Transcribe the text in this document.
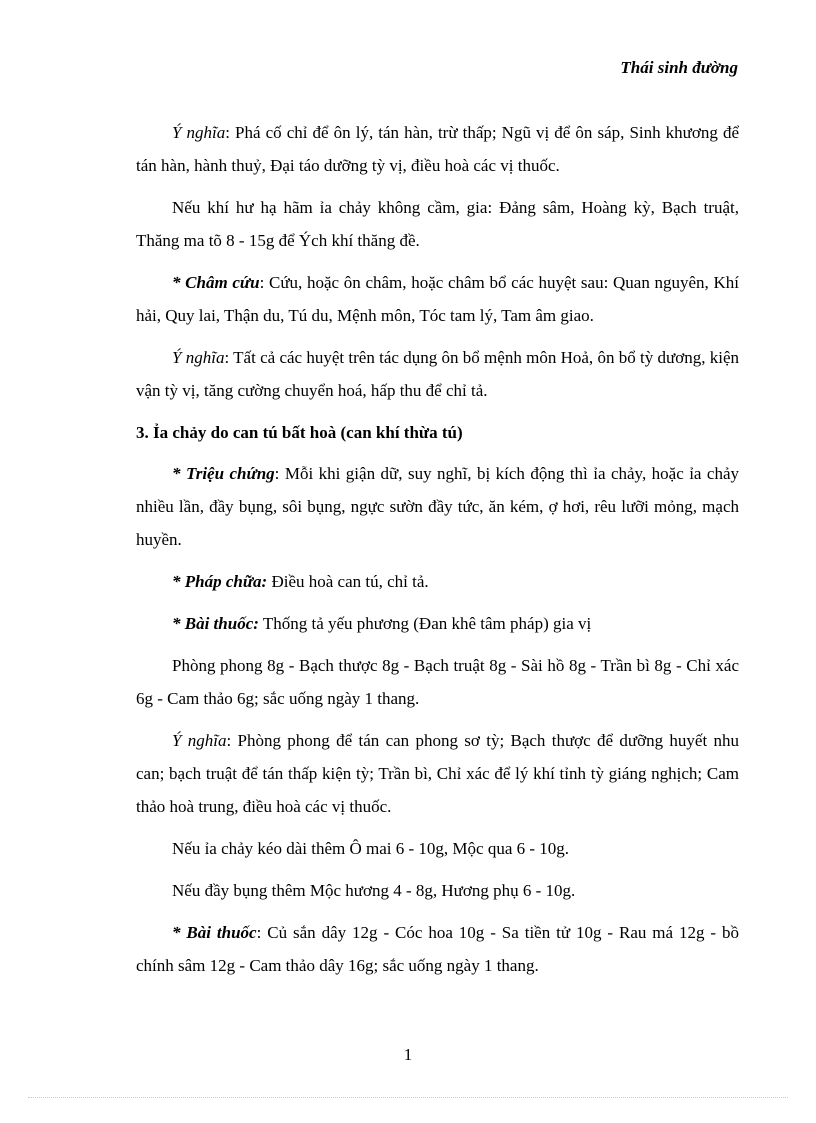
Thái sinh đường

Ý nghĩa: Phá cố chỉ để ôn lý, tán hàn, trừ thấp; Ngũ vị để ôn sáp, Sinh khương để tán hàn, hành thuỷ, Đại táo dưỡng tỳ vị, điều hoà các vị thuốc.

Nếu khí hư hạ hãm ỉa chảy không cầm, gia: Đảng sâm, Hoàng kỳ, Bạch truật, Thăng ma tõ 8 - 15g để Ých khí thăng đề.

* Châm cứu: Cứu, hoặc ôn châm, hoặc châm bổ các huyệt sau: Quan nguyên, Khí hải, Quy lai, Thận du, Tú du, Mệnh môn, Tóc tam lý, Tam âm giao.

Ý nghĩa: Tất cả các huyệt trên tác dụng ôn bổ mệnh môn Hoả, ôn bổ tỳ dương, kiện vận tỳ vị, tăng cường chuyển hoá, hấp thu để chỉ tả.

3. Ỉa chảy do can tú bất hoà (can khí thừa tú)

* Triệu chứng: Mỗi khi giận dữ, suy nghĩ, bị kích động thì ỉa chảy, hoặc ỉa chảy nhiều lần, đầy bụng, sôi bụng, ngực sườn đầy tức, ăn kém, ợ hơi, rêu lưỡi mỏng, mạch huyền.

* Pháp chữa: Điều hoà can tú, chỉ tả.

* Bài thuốc: Thống tả yếu phương (Đan khê tâm pháp) gia vị

Phòng phong 8g - Bạch thược 8g - Bạch truật 8g - Sài hồ 8g - Trần bì 8g - Chỉ xác 6g - Cam thảo 6g; sắc uống ngày 1 thang.

Ý nghĩa: Phòng phong để tán can phong sơ tỳ; Bạch thược để dưỡng huyết nhu can; bạch truật để tán thấp kiện tỳ; Trần bì, Chỉ xác để lý khí tỉnh tỳ giáng nghịch; Cam thảo hoà trung, điều hoà các vị thuốc.

Nếu ỉa chảy kéo dài thêm Ô mai 6 - 10g, Mộc qua 6 - 10g.

Nếu đầy bụng thêm Mộc hương 4 - 8g, Hương phụ 6 - 10g.

* Bài thuốc: Củ sắn dây 12g - Cóc hoa 10g - Sa tiền tử 10g - Rau má 12g - bồ chính sâm 12g - Cam thảo dây 16g; sắc uống ngày 1 thang.

1
